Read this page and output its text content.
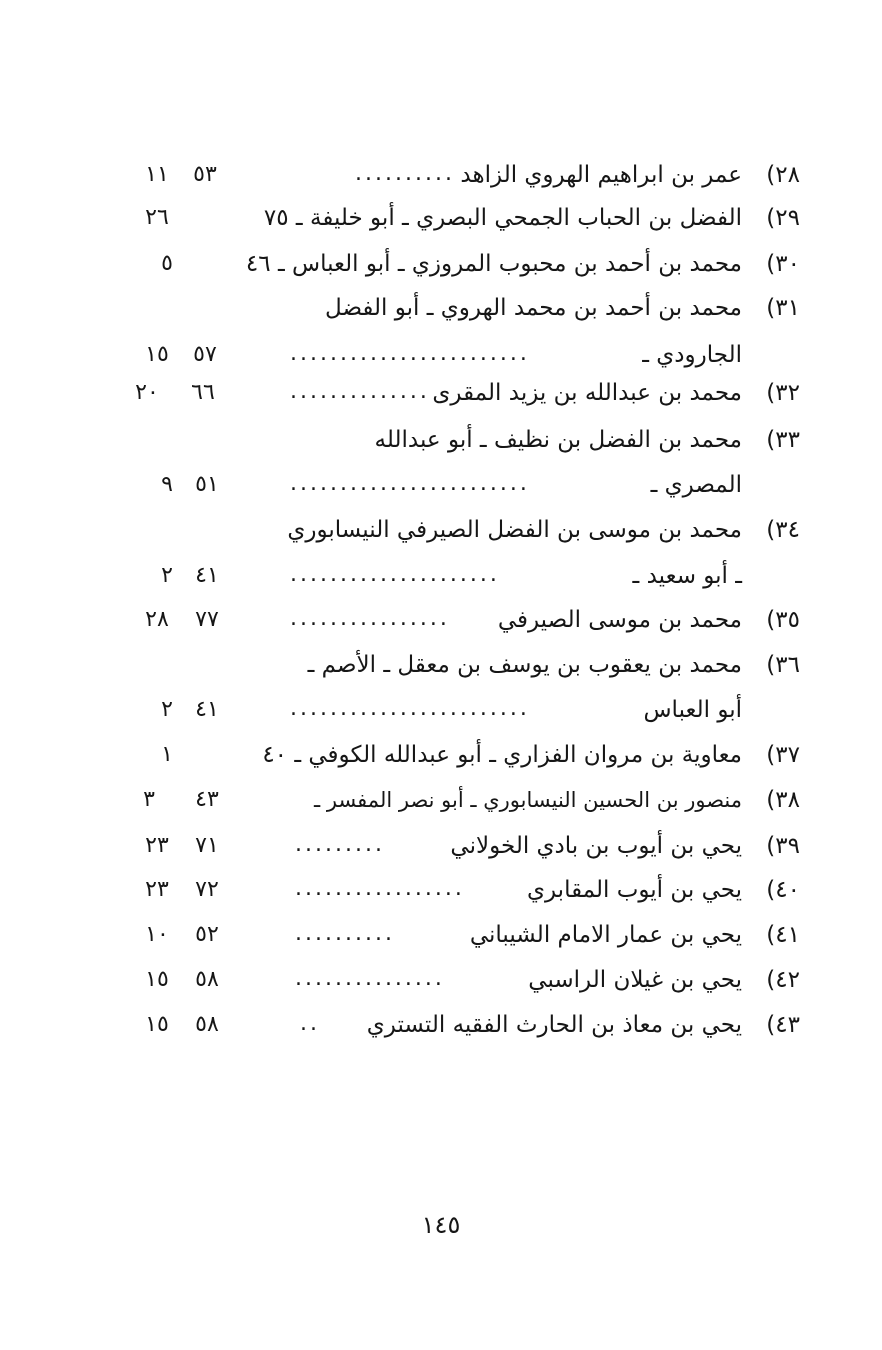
٢٨)
عمر بن ابراهيم الهروي الزاهد
..........
٥٣
١١
٢٩)
الفضل بن الحباب الجمحي البصري ـ أبو خليفة ـ ٧٥
٢٦
٣٠)
محمد بن أحمد بن محبوب المروزي ـ أبو العباس ـ ٤٦
٥
٣١)
محمد بن أحمد بن محمد الهروي ـ أبو الفضل
الجارودي ـ
........................
٥٧
١٥
٣٢)
محمد بن عبدالله بن يزيد المقرى
..............
٦٦
٢٠
٣٣)
محمد بن الفضل بن نظيف ـ أبو عبدالله
المصري ـ
........................
٥١
٩
٣٤)
محمد بن موسى بن الفضل الصيرفي النيسابوري
ـ أبو سعيد ـ
.....................
٤١
٢
٣٥)
محمد بن موسى الصيرفي
................
٧٧
٢٨
٣٦)
محمد بن يعقوب بن يوسف بن معقل ـ الأصم ـ
أبو العباس
........................
٤١
٢
٣٧)
معاوية بن مروان الفزاري ـ أبو عبدالله الكوفي ـ ٤٠
١
٣٨)
منصور بن الحسين النيسابوري ـ أبو نصر المفسر ـ
٤٣
٣
٣٩)
يحي بن أيوب بن بادي الخولاني
.........
٧١
٢٣
٤٠)
يحي بن أيوب المقابري
.................
٧٢
٢٣
٤١)
يحي بن عمار الامام الشيباني
..........
٥٢
١٠
٤٢)
يحي بن غيلان الراسبي
...............
٥٨
١٥
٤٣)
يحي بن معاذ بن الحارث الفقيه التستري
..
٥٨
١٥
١٤٥
